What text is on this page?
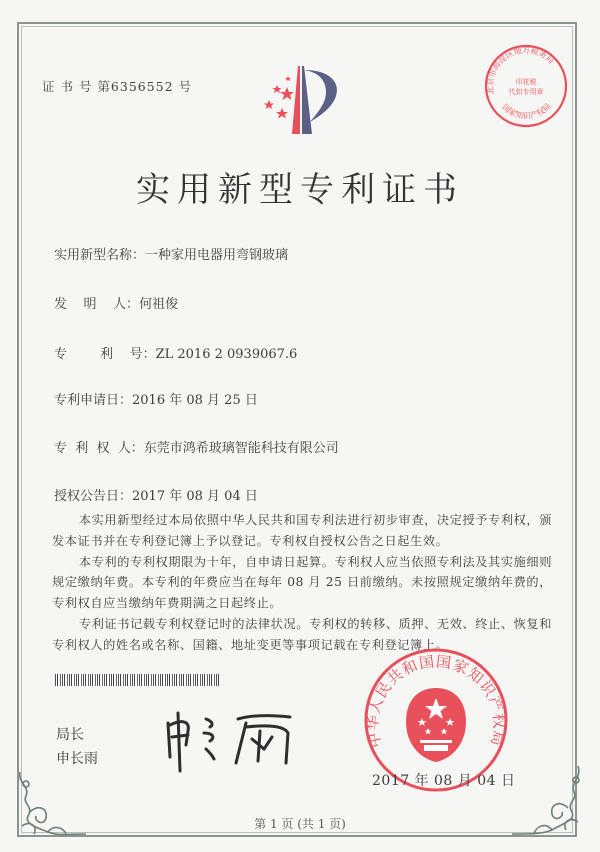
证 书 号 第6356552 号	北京市海淀区地方税务局
印花税
代扣专用章
国家知识产权局
实用新型专利证书
实用新型名称：一种家用电器用弯钢玻璃
发    明    人：何祖俊
专        利    号：ZL 2016 2 0939067.6
专利申请日：2016 年 08 月 25 日
专  利  权  人：东莞市鸿希玻璃智能科技有限公司
授权公告日：2017 年 08 月 04 日

本实用新型经过本局依照中华人民共和国专利法进行初步审查，决定授予专利权，颁发本证书并在专利登记簿上予以登记。专利权自授权公告之日起生效。

本专利的专利权期限为十年，自申请日起算。专利权人应当依照专利法及其实施细则规定缴纳年费。本专利的年费应当在每年 08 月 25 日前缴纳。未按照规定缴纳年费的，专利权自应当缴纳年费期满之日起终止。

专利证书记载专利权登记时的法律状况。专利权的转移、质押、无效、终止、恢复和专利权人的姓名或名称、国籍、地址变更等事项记载在专利登记簿上。

局长
申长雨
中华人民共和国国家知识产权局
2017 年 08 月 04 日
第 1 页 (共 1 页)
